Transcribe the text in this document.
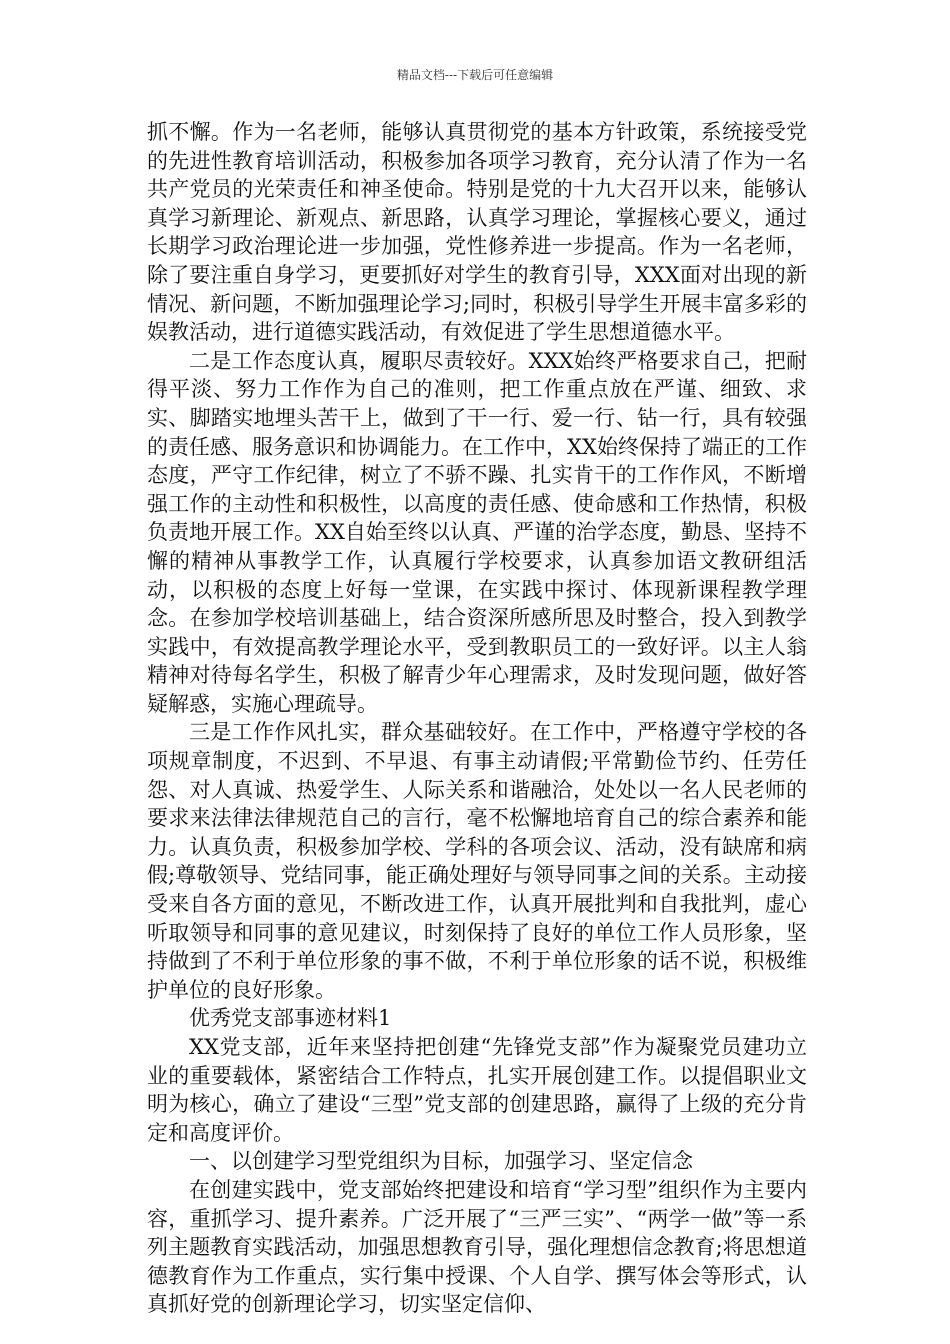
精品文档---下载后可任意编辑

抓不懈。作为一名老师，能够认真贯彻党的基本方针政策，系统接受党的先进性教育培训活动，积极参加各项学习教育，充分认清了作为一名共产党员的光荣责任和神圣使命。特别是党的十九大召开以来，能够认真学习新理论、新观点、新思路，认真学习理论，掌握核心要义，通过长期学习政治理论进一步加强，党性修养进一步提高。作为一名老师，除了要注重自身学习，更要抓好对学生的教育引导，XXX面对出现的新情况、新问题，不断加强理论学习;同时，积极引导学生开展丰富多彩的娱教活动，进行道德实践活动，有效促进了学生思想道德水平。

二是工作态度认真，履职尽责较好。XXX始终严格要求自己，把耐得平淡、努力工作作为自己的准则，把工作重点放在严谨、细致、求实、脚踏实地埋头苦干上，做到了干一行、爱一行、钻一行，具有较强的责任感、服务意识和协调能力。在工作中，XX始终保持了端正的工作态度，严守工作纪律，树立了不骄不躁、扎实肯干的工作作风，不断增强工作的主动性和积极性，以高度的责任感、使命感和工作热情，积极负责地开展工作。XX自始至终以认真、严谨的治学态度，勤恳、坚持不懈的精神从事教学工作，认真履行学校要求，认真参加语文教研组活动，以积极的态度上好每一堂课，在实践中探讨、体现新课程教学理念。在参加学校培训基础上，结合资深所感所思及时整合，投入到教学实践中，有效提高教学理论水平，受到教职员工的一致好评。以主人翁精神对待每名学生，积极了解青少年心理需求，及时发现问题，做好答疑解惑，实施心理疏导。

三是工作作风扎实，群众基础较好。在工作中，严格遵守学校的各项规章制度，不迟到、不早退、有事主动请假;平常勤俭节约、任劳任怨、对人真诚、热爱学生、人际关系和谐融洽，处处以一名人民老师的要求来法律法律规范自己的言行，毫不松懈地培育自己的综合素养和能力。认真负责，积极参加学校、学科的各项会议、活动，没有缺席和病假;尊敬领导、党结同事，能正确处理好与领导同事之间的关系。主动接受来自各方面的意见，不断改进工作，认真开展批判和自我批判，虚心听取领导和同事的意见建议，时刻保持了良好的单位工作人员形象，坚持做到了不利于单位形象的事不做，不利于单位形象的话不说，积极维护单位的良好形象。

优秀党支部事迹材料1

XX党支部，近年来坚持把创建“先锋党支部”作为凝聚党员建功立业的重要载体，紧密结合工作特点，扎实开展创建工作。以提倡职业文明为核心，确立了建设“三型”党支部的创建思路，赢得了上级的充分肯定和高度评价。

一、以创建学习型党组织为目标，加强学习、坚定信念

在创建实践中，党支部始终把建设和培育“学习型”组织作为主要内容，重抓学习、提升素养。广泛开展了“三严三实”、“两学一做”等一系列主题教育实践活动，加强思想教育引导，强化理想信念教育;将思想道德教育作为工作重点，实行集中授课、个人自学、撰写体会等形式，认真抓好党的创新理论学习，切实坚定信仰、
